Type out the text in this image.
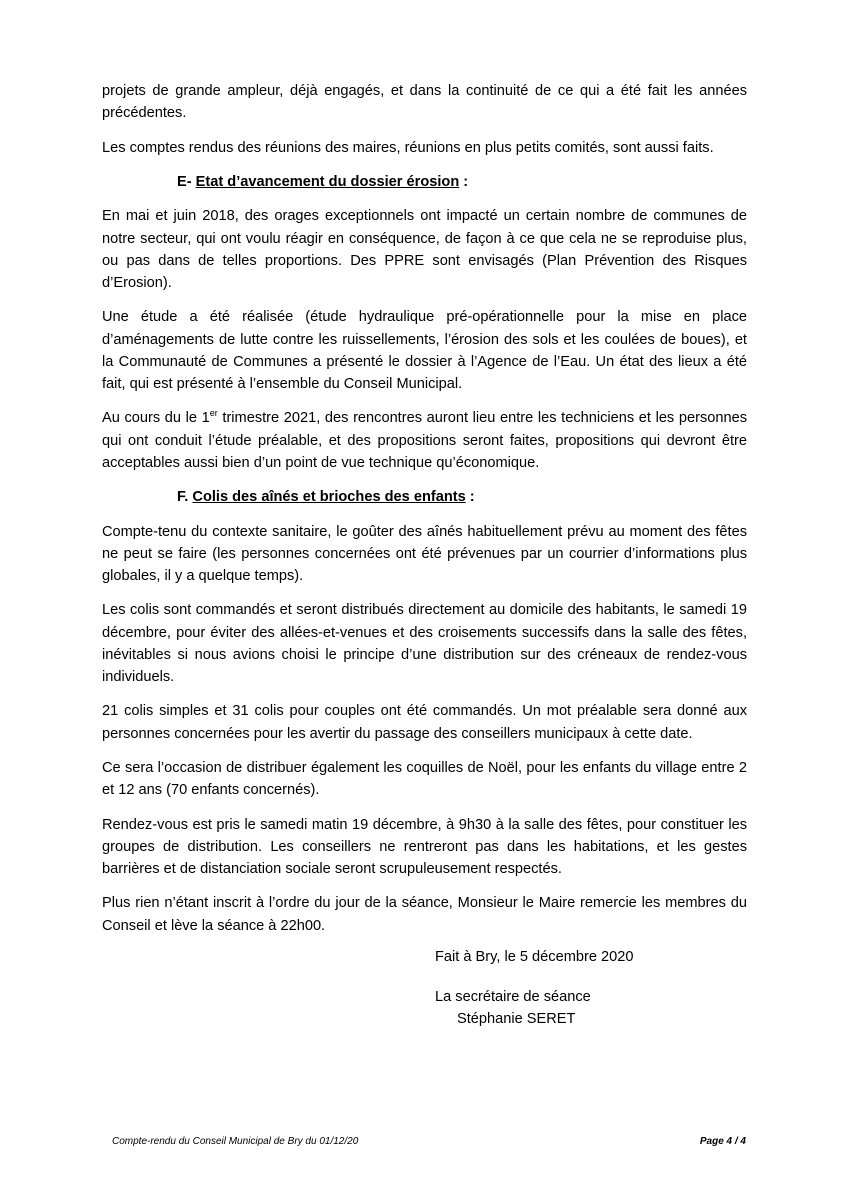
projets de grande ampleur, déjà engagés, et dans la continuité de ce qui a été fait les années précédentes.

Les comptes rendus des réunions des maires, réunions en plus petits comités, sont aussi faits.

E- Etat d’avancement du dossier érosion :

En mai et juin 2018, des orages exceptionnels ont impacté un certain nombre de communes de notre secteur, qui ont voulu réagir en conséquence, de façon à ce que cela ne se reproduise plus, ou pas dans de telles proportions. Des PPRE sont envisagés (Plan Prévention des Risques d’Erosion).

Une étude a été réalisée (étude hydraulique pré-opérationnelle pour la mise en place d’aménagements de lutte contre les ruissellements, l’érosion des sols et les coulées de boues), et la Communauté de Communes a présenté le dossier à l’Agence de l’Eau. Un état des lieux a été fait, qui est présenté à l’ensemble du Conseil Municipal.

Au cours du le 1er trimestre 2021, des rencontres auront lieu entre les techniciens et les personnes qui ont conduit l’étude préalable, et des propositions seront faites, propositions qui devront être acceptables aussi bien d’un point de vue technique qu’économique.

F. Colis des aînés et brioches des enfants :

Compte-tenu du contexte sanitaire, le goûter des aînés habituellement prévu au moment des fêtes ne peut se faire (les personnes concernées ont été prévenues par un courrier d’informations plus globales, il y a quelque temps).

Les colis sont commandés et seront distribués directement au domicile des habitants, le samedi 19 décembre, pour éviter des allées-et-venues et des croisements successifs dans la salle des fêtes, inévitables si nous avions choisi le principe d’une distribution sur des créneaux de rendez-vous individuels.

21 colis simples et 31 colis pour couples ont été commandés. Un mot préalable sera donné aux personnes concernées pour les avertir du passage des conseillers municipaux à cette date.

Ce sera l’occasion de distribuer également les coquilles de Noël, pour les enfants du village entre 2 et 12 ans (70 enfants concernés).

Rendez-vous est pris le samedi matin 19 décembre, à 9h30 à la salle des fêtes, pour constituer les groupes de distribution. Les conseillers ne rentreront pas dans les habitations, et les gestes barrières et de distanciation sociale seront scrupuleusement respectés.

Plus rien n’étant inscrit à l’ordre du jour de la séance, Monsieur le Maire remercie les membres du Conseil et lève la séance à 22h00.

Fait à Bry, le 5 décembre 2020
La secrétaire de séance
Stéphanie SERET
Compte-rendu du Conseil Municipal de Bry du 01/12/20	Page 4 / 4
